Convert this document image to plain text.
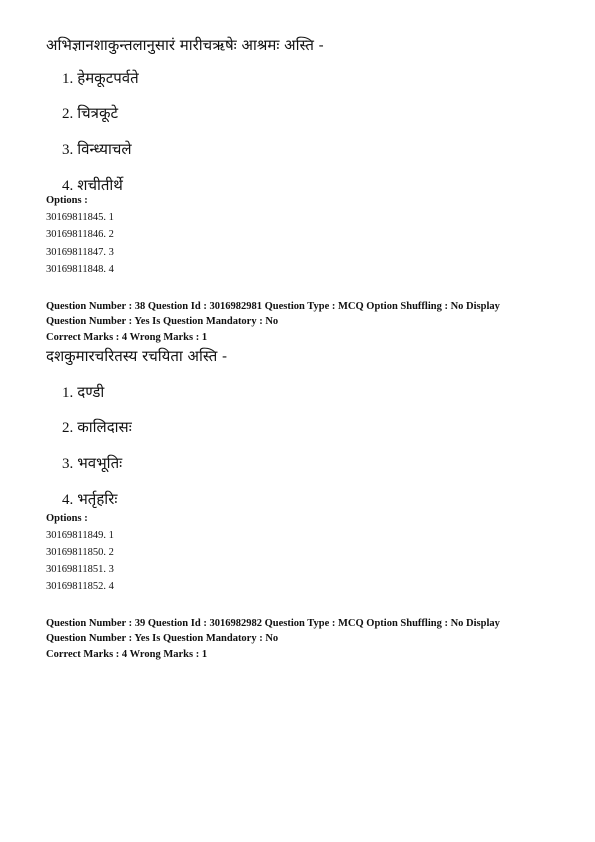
अभिज्ञानशाकुन्तलानुसारं मारीचऋषेः आश्रमः अस्ति -
1. हेमकूटपर्वते
2. चित्रकूटे
3. विन्ध्याचले
4. शचीतीर्थे
Options :
30169811845. 1
30169811846. 2
30169811847. 3
30169811848. 4
Question Number : 38 Question Id : 3016982981 Question Type : MCQ Option Shuffling : No Display
Question Number : Yes Is Question Mandatory : No
Correct Marks : 4 Wrong Marks : 1
दशकुमारचरितस्य रचयिता अस्ति -
1. दण्डी
2. कालिदासः
3. भवभूतिः
4. भर्तृहरिः
Options :
30169811849. 1
30169811850. 2
30169811851. 3
30169811852. 4
Question Number : 39 Question Id : 3016982982 Question Type : MCQ Option Shuffling : No Display
Question Number : Yes Is Question Mandatory : No
Correct Marks : 4 Wrong Marks : 1
